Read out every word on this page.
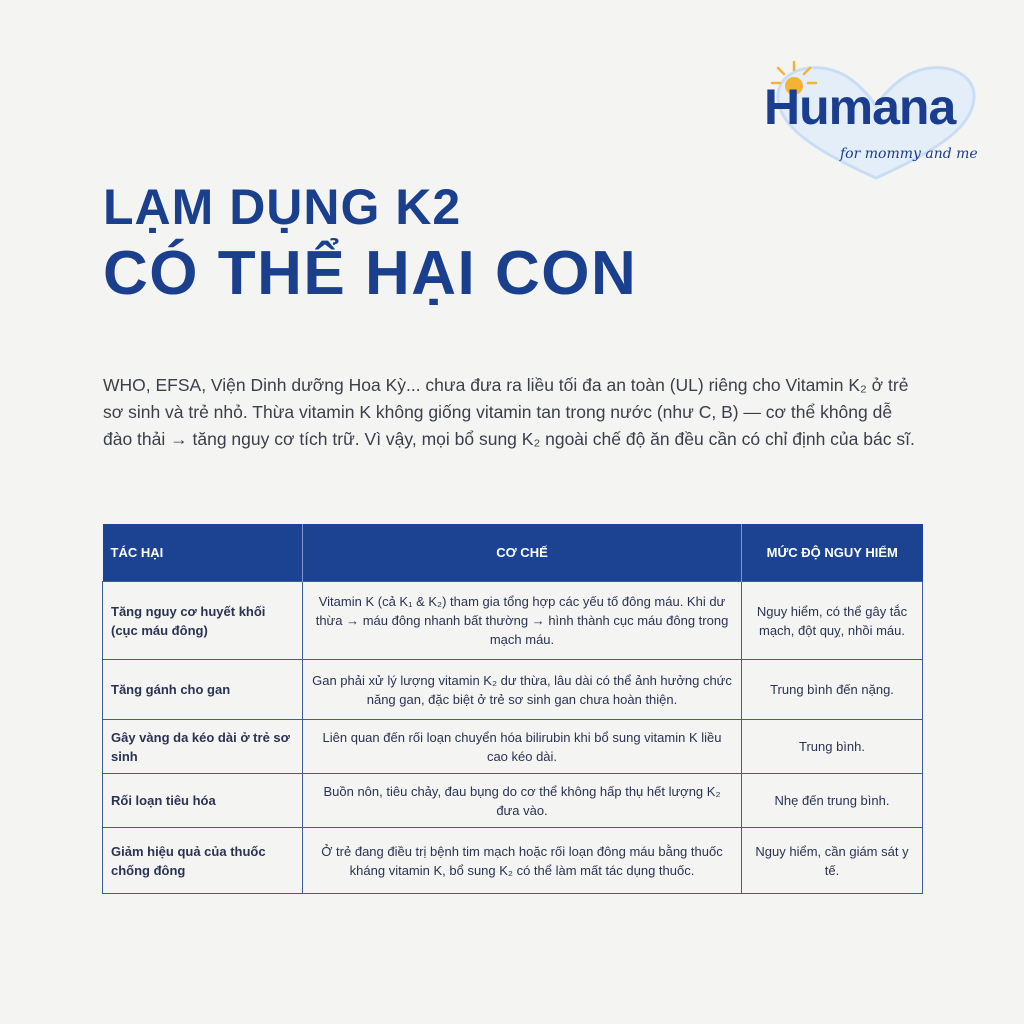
Humana
for mommy and me
LẠM DỤNG K2
CÓ THỂ HẠI CON

WHO, EFSA, Viện Dinh dưỡng Hoa Kỳ... chưa đưa ra liều tối đa an toàn (UL) riêng cho Vitamin K₂ ở trẻ sơ sinh và trẻ nhỏ. Thừa vitamin K không giống vitamin tan trong nước (như C, B) — cơ thể không dễ đào thải → tăng nguy cơ tích trữ. Vì vậy, mọi bổ sung K₂ ngoài chế độ ăn đều cần có chỉ định của bác sĩ.

TÁC HẠI	CƠ CHẾ	MỨC ĐỘ NGUY HIỂM
Tăng nguy cơ huyết khối (cục máu đông)	Vitamin K (cả K₁ & K₂) tham gia tổng hợp các yếu tố đông máu. Khi dư thừa → máu đông nhanh bất thường → hình thành cục máu đông trong mạch máu.	Nguy hiểm, có thể gây tắc mạch, đột quỵ, nhồi máu.
Tăng gánh cho gan	Gan phải xử lý lượng vitamin K₂ dư thừa, lâu dài có thể ảnh hưởng chức năng gan, đặc biệt ở trẻ sơ sinh gan chưa hoàn thiện.	Trung bình đến nặng.
Gây vàng da kéo dài ở trẻ sơ sinh	Liên quan đến rối loạn chuyển hóa bilirubin khi bổ sung vitamin K liều cao kéo dài.	Trung bình.
Rối loạn tiêu hóa	Buồn nôn, tiêu chảy, đau bụng do cơ thể không hấp thụ hết lượng K₂ đưa vào.	Nhẹ đến trung bình.
Giảm hiệu quả của thuốc chống đông	Ở trẻ đang điều trị bệnh tim mạch hoặc rối loạn đông máu bằng thuốc kháng vitamin K, bổ sung K₂ có thể làm mất tác dụng thuốc.	Nguy hiểm, cần giám sát y tế.
